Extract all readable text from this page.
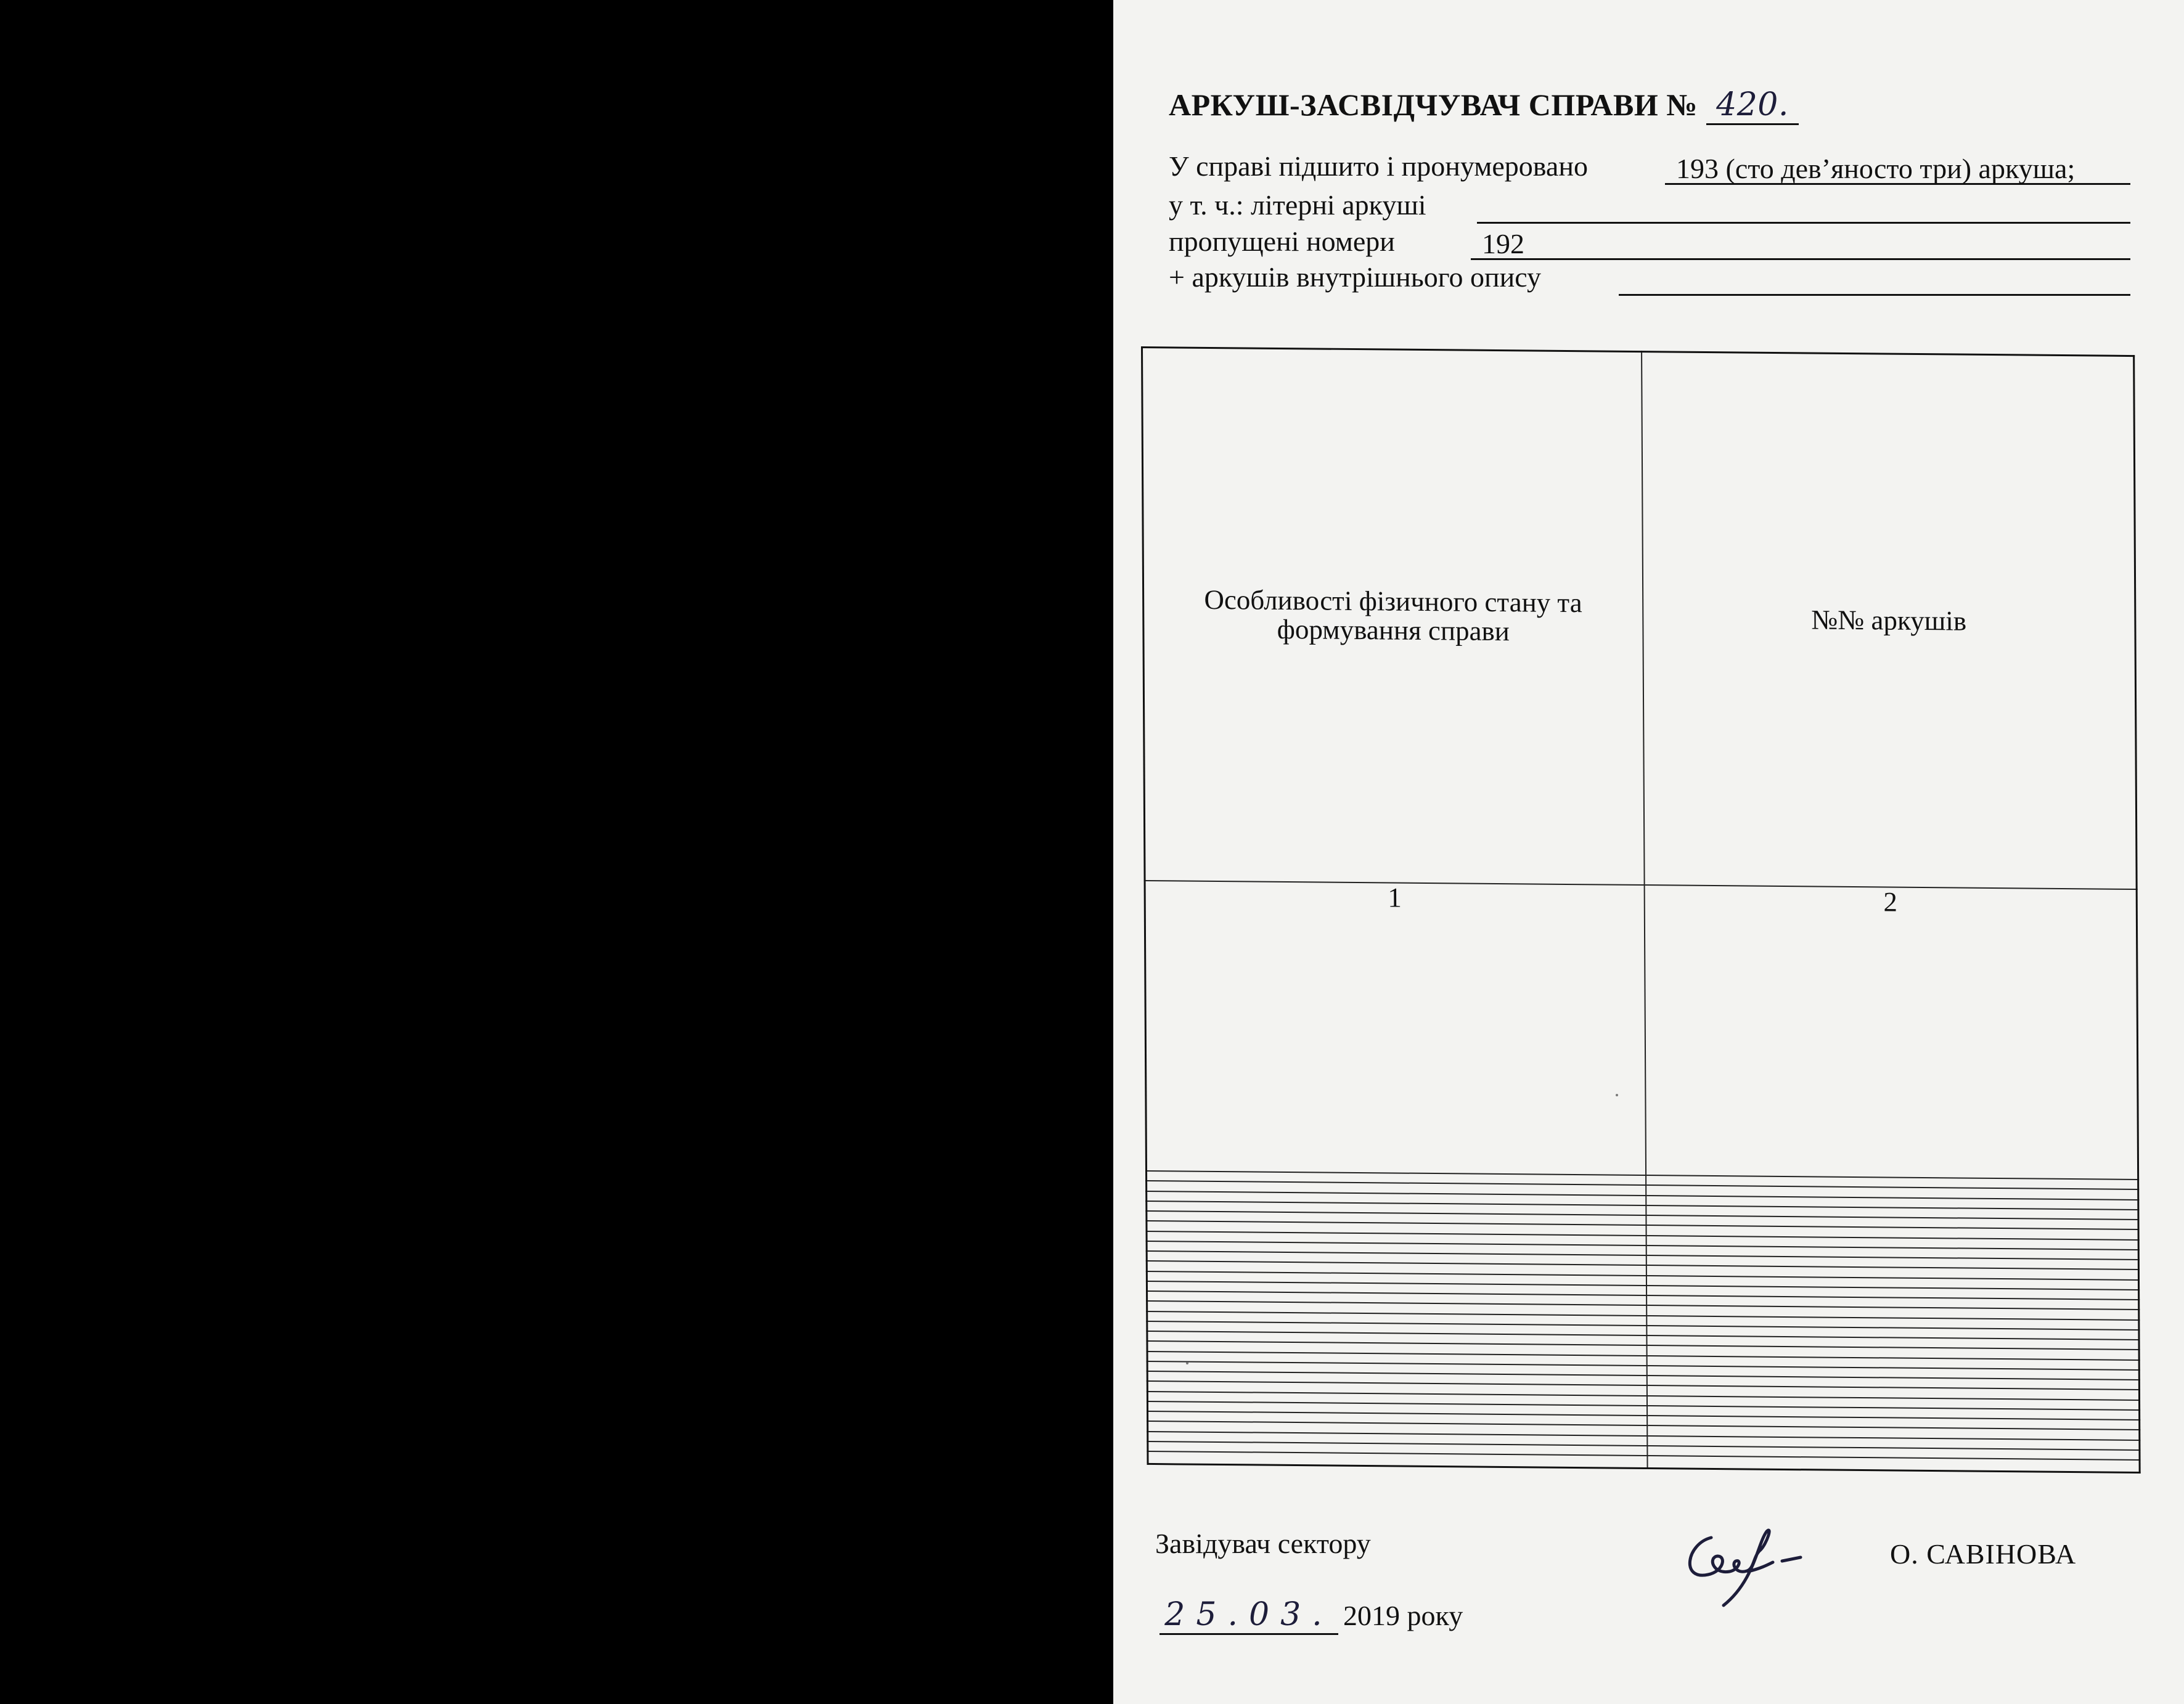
АРКУШ-ЗАСВІДЧУВАЧ СПРАВИ № 420.
У справі підшито і пронумеровано	193 (сто дев’яносто три) аркуша;
у т. ч.: літерні аркуші
пропущені номери	192
+ аркушів внутрішнього опису
Особливості фізичного стану та формування справи	№№ аркушів
1	2

Завідувач сектору	О. САВІНОВА
25.03. 2019 року
